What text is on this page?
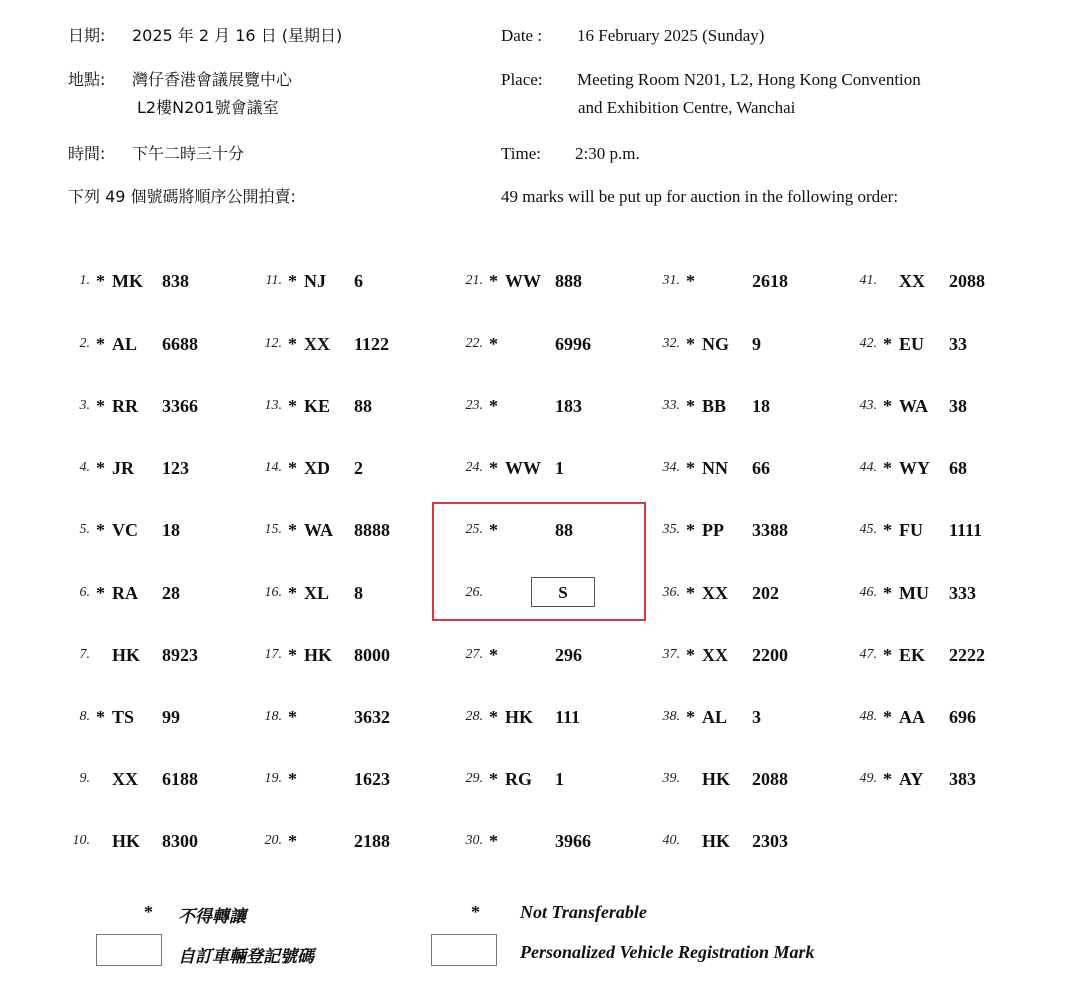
日期: 2025 年 2 月 16 日 (星期日)
地點: 灣仔香港會議展覽中心
L2樓N201號會議室
時間: 下午二時三十分
下列 49 個號碼將順序公開拍賣:
Date : 16 February 2025 (Sunday)
Place: Meeting Room N201, L2, Hong Kong Convention
and Exhibition Centre, Wanchai
Time: 2:30 p.m.
49 marks will be put up for auction in the following order:
1. * MK 838
2. * AL 6688
3. * RR 3366
4. * JR 123
5. * VC 18
6. * RA 28
7. HK 8923
8. * TS 99
9. XX 6188
10. HK 8300
11. * NJ 6
12. * XX 1122
13. * KE 88
14. * XD 2
15. * WA 8888
16. * XL 8
17. * HK 8000
18. *	3632
19. *	1623
20. *	2188
21. * WW 888
22. *	6996
23. *	183
24. * WW 1
25. *	88
26.	S
27. *	296
28. * HK 111
29. * RG 1
30. *	3966
31. *	2618
32. * NG 9
33. * BB 18
34. * NN 66
35. * PP 3388
36. * XX 202
37. * XX 2200
38. * AL 3
39. HK 2088
40. HK 2303
41. XX 2088
42. * EU 33
43. * WA 38
44. * WY 68
45. * FU 1111
46. * MU 333
47. * EK 2222
48. * AA 696
49. * AY 383
* 不得轉讓	* Not Transferable
自訂車輛登記號碼	Personalized Vehicle Registration Mark
